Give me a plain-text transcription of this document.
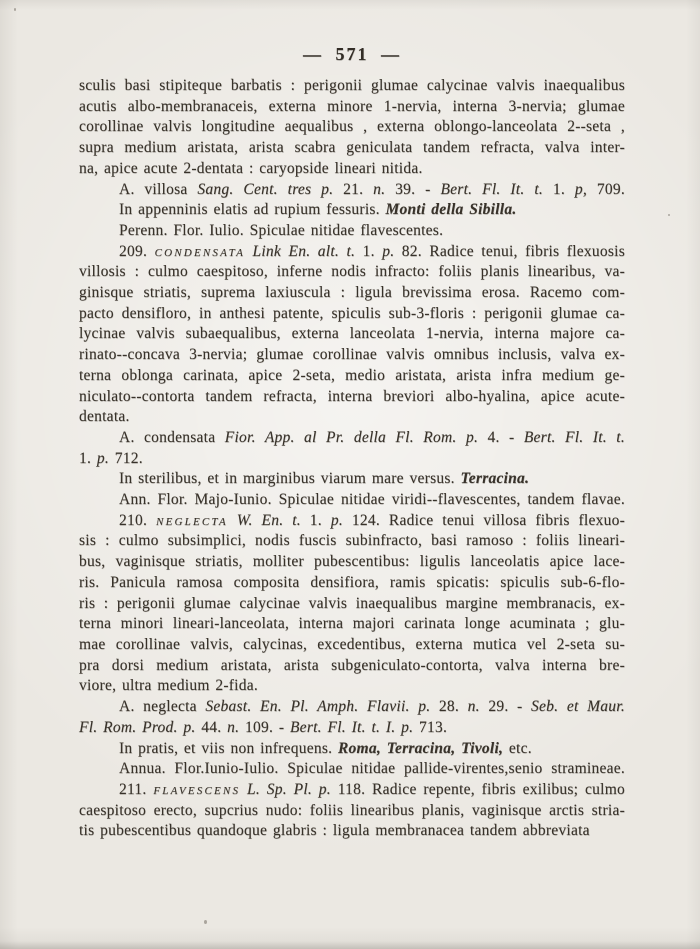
— 571 —
sculis basi stipiteque barbatis : perigonii glumae calycinae valvis inaequalibus
acutis albo-membranaceis, externa minore 1-nervia, interna 3-nervia; glumae
corollinae valvis longitudine aequalibus , externa oblongo-lanceolata 2--seta ,
supra medium aristata, arista scabra geniculata tandem refracta, valva inter-
na, apice acute 2-dentata : caryopside lineari nitida.
A. villosa Sang. Cent. tres p. 21. n. 39. - Bert. Fl. It. t. 1. p, 709.
In appenninis elatis ad rupium fessuris. Monti della Sibilla.
Perenn. Flor. Iulio. Spiculae nitidae flavescentes.
209. condensata Link En. alt. t. 1. p. 82. Radice tenui, fibris flexuosis
villosis : culmo caespitoso, inferne nodis infracto: foliis planis linearibus, va-
ginisque striatis, suprema laxiuscula : ligula brevissima erosa. Racemo com-
pacto densifloro, in anthesi patente, spiculis sub-3-floris : perigonii glumae ca-
lycinae valvis subaequalibus, externa lanceolata 1-nervia, interna majore ca-
rinato--concava 3-nervia; glumae corollinae valvis omnibus inclusis, valva ex-
terna oblonga carinata, apice 2-seta, medio aristata, arista infra medium ge-
niculato--contorta tandem refracta, interna breviori albo-hyalina, apice acute-
dentata.
A. condensata Fior. App. al Pr. della Fl. Rom. p. 4. - Bert. Fl. It. t.
1. p. 712.
In sterilibus, et in marginibus viarum mare versus. Terracina.
Ann. Flor. Majo-Iunio. Spiculae nitidae viridi--flavescentes, tandem flavae.
210. neglecta W. En. t. 1. p. 124. Radice tenui villosa fibris flexuo-
sis : culmo subsimplici, nodis fuscis subinfracto, basi ramoso : foliis lineari-
bus, vaginisque striatis, molliter pubescentibus: ligulis lanceolatis apice lace-
ris. Panicula ramosa composita densifiora, ramis spicatis: spiculis sub-6-flo-
ris : perigonii glumae calycinae valvis inaequalibus margine membranacis, ex-
terna minori lineari-lanceolata, interna majori carinata longe acuminata ; glu-
mae corollinae valvis, calycinas, excedentibus, externa mutica vel 2-seta su-
pra dorsi medium aristata, arista subgeniculato-contorta, valva interna bre-
viore, ultra medium 2-fida.
A. neglecta Sebast. En. Pl. Amph. Flavii. p. 28. n. 29. - Seb. et Maur.
Fl. Rom. Prod. p. 44. n. 109. - Bert. Fl. It. t. I. p. 713.
In pratis, et viis non infrequens. Roma, Terracina, Tivoli, etc.
Annua. Flor.Iunio-Iulio. Spiculae nitidae pallide-virentes,senio stramineae.
211. flavescens L. Sp. Pl. p. 118. Radice repente, fibris exilibus; culmo
caespitoso erecto, supcrius nudo: foliis linearibus planis, vaginisque arctis stria-
tis pubescentibus quandoque glabris : ligula membranacea tandem abbreviata
